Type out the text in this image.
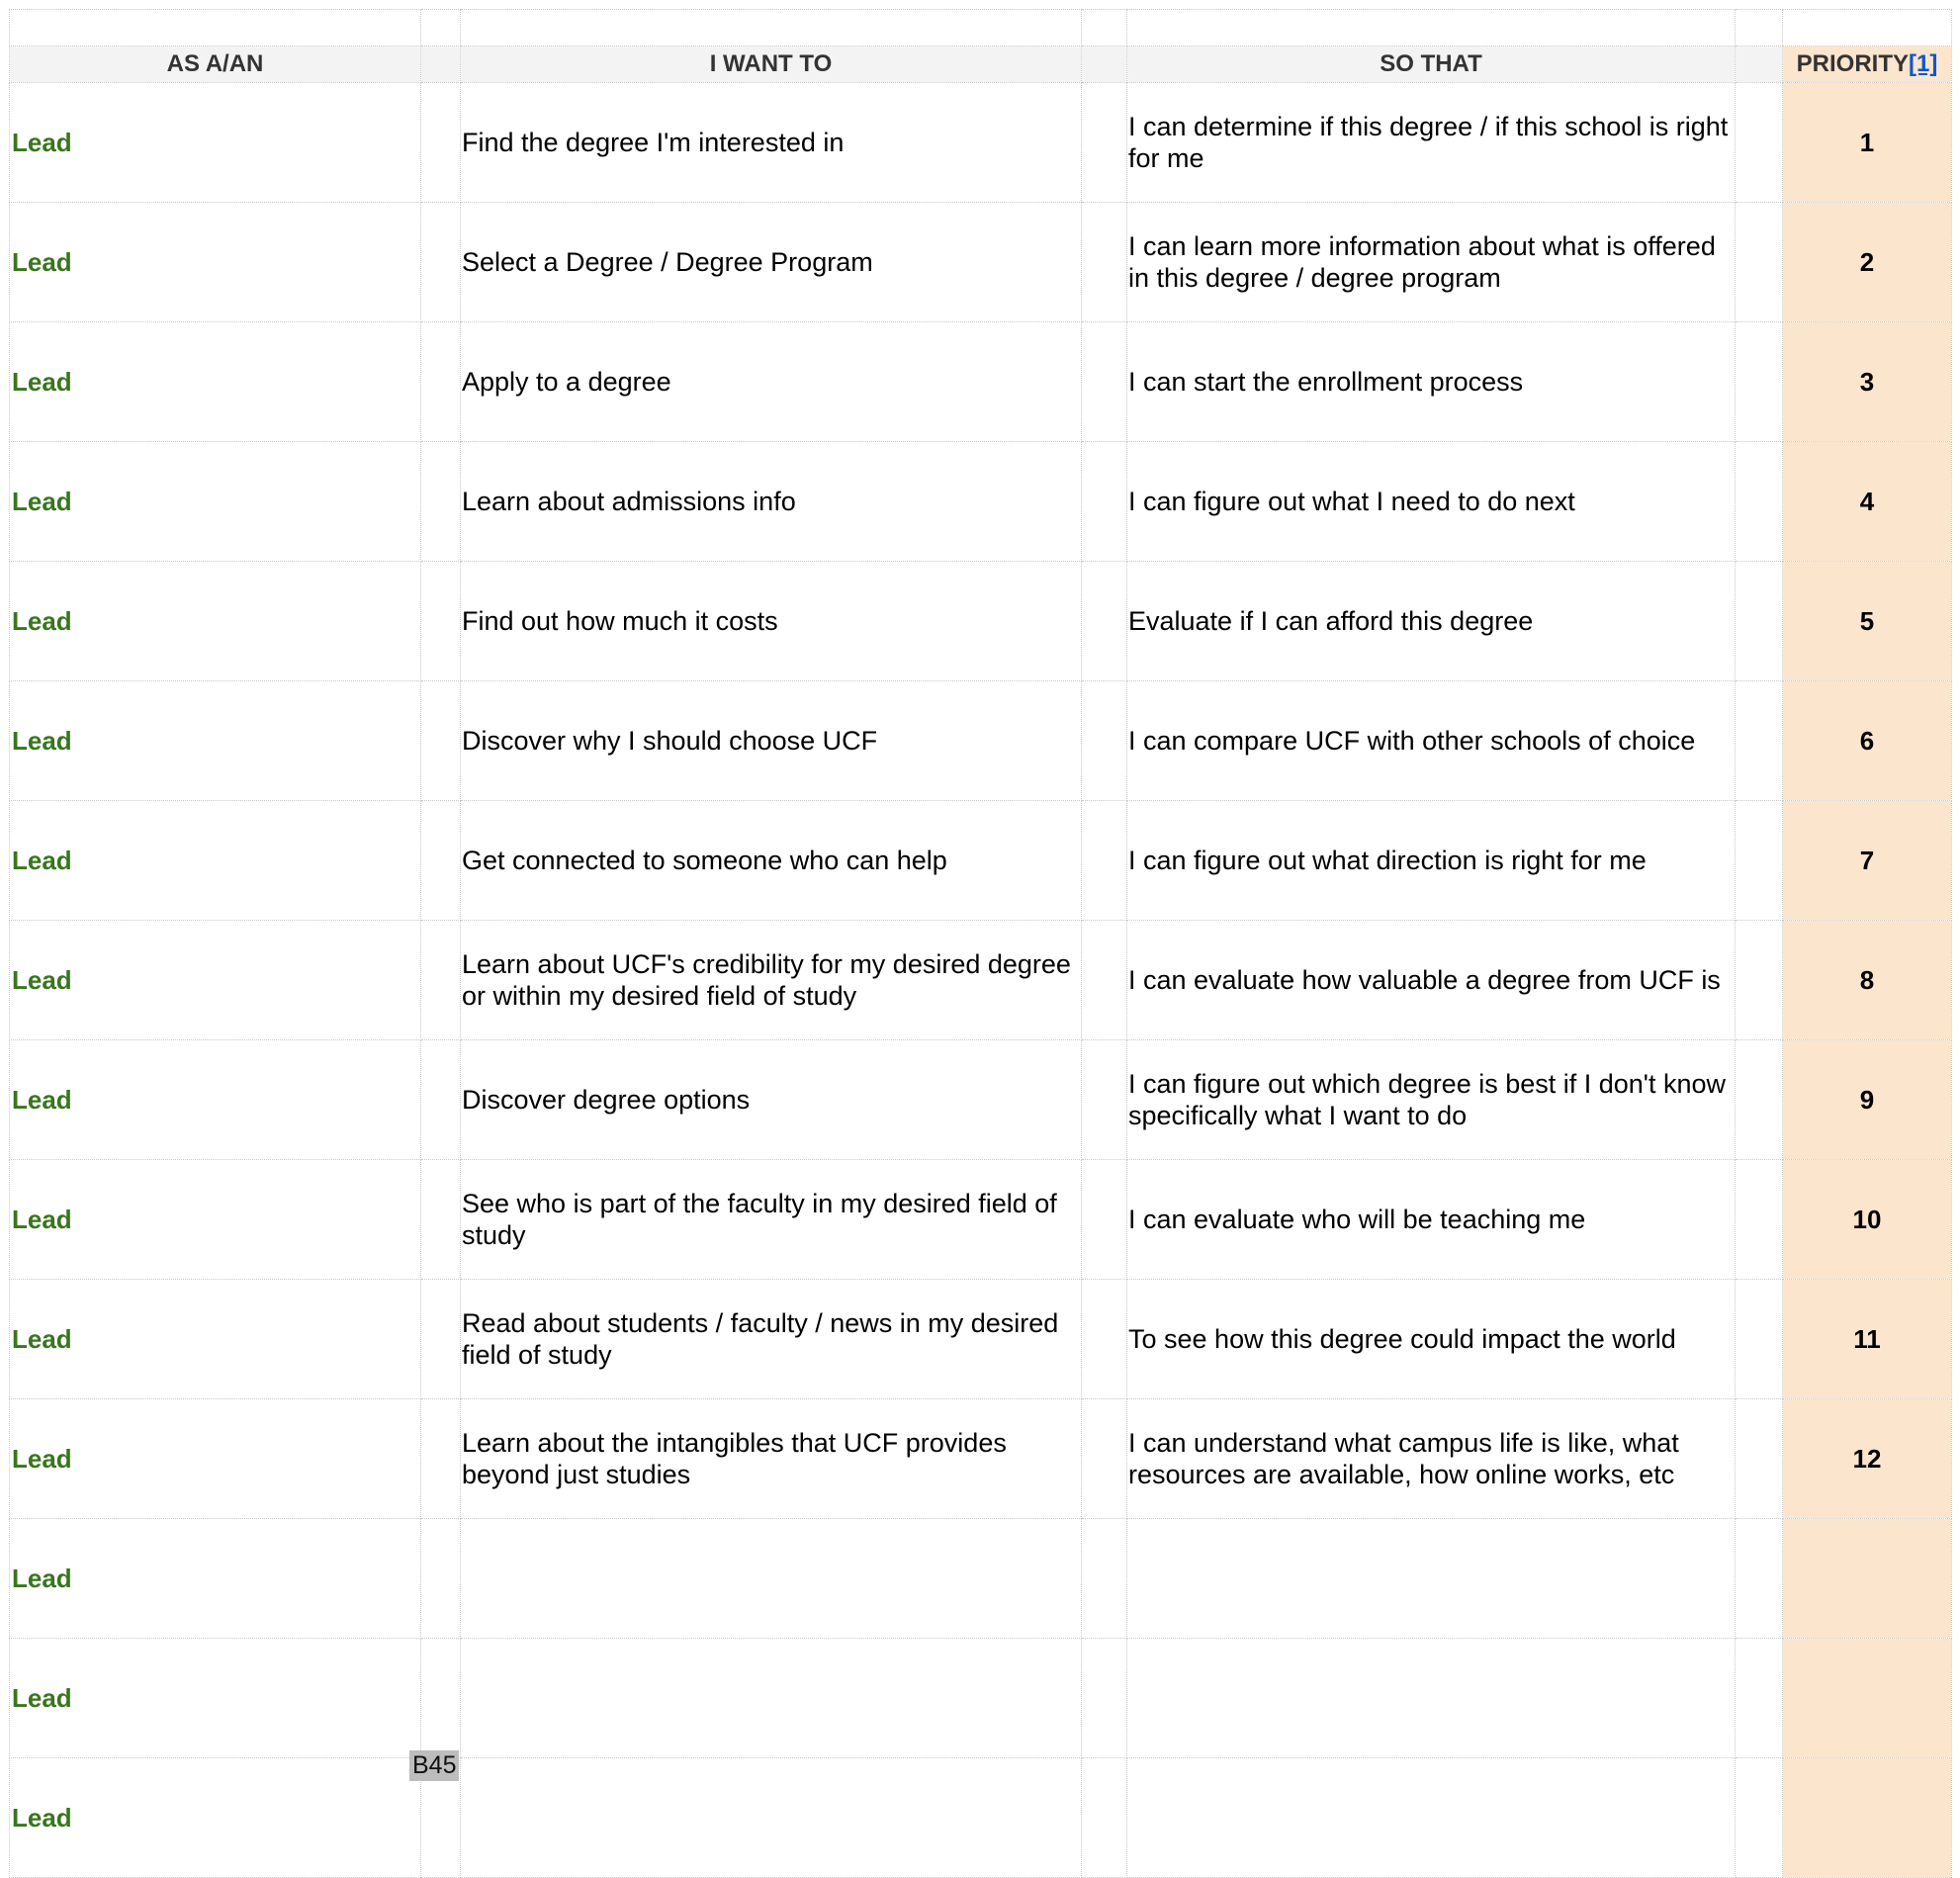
AS A/AN		I WANT TO		SO THAT		PRIORITY[1]
Lead		Find the degree I'm interested in		I can determine if this degree / if this school is right for me		1
Lead		Select a Degree / Degree Program		I can learn more information about what is offered in this degree / degree program		2
Lead		Apply to a degree		I can start the enrollment process		3
Lead		Learn about admissions info		I can figure out what I need to do next		4
Lead		Find out how much it costs		Evaluate if I can afford this degree		5
Lead		Discover why I should choose UCF		I can compare UCF with other schools of choice		6
Lead		Get connected to someone who can help		I can figure out what direction is right for me		7
Lead		Learn about UCF's credibility for my desired degree or within my desired field of study		I can evaluate how valuable a degree from UCF is		8
Lead		Discover degree options		I can figure out which degree is best if I don't know specifically what I want to do		9
Lead		See who is part of the faculty in my desired field of study		I can evaluate who will be teaching me		10
Lead		Read about students / faculty / news in my desired field of study		To see how this degree could impact the world		11
Lead		Learn about the intangibles that UCF provides beyond just studies		I can understand what campus life is like, what resources are available, how online works, etc		12
Lead						
Lead						
Lead						
B45
